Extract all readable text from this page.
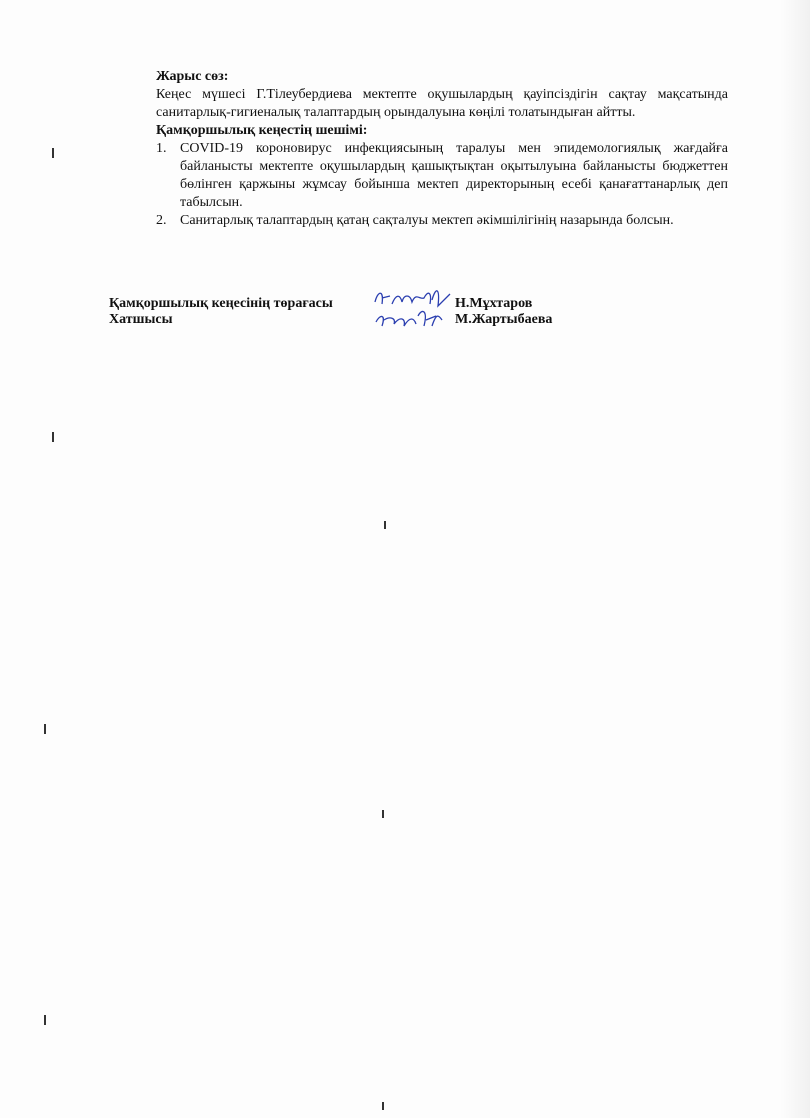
Жарыс сөз:
Кеңес мүшесі Г.Тілеубердиева мектепте оқушылардың қауіпсіздігін сақтау мақсатында санитарлық-гигиеналық талаптардың орындалуына көңілі толатындыған айтты.
Қамқоршылық кеңестің шешімі:
1. COVID-19 короновирус инфекциясының таралуы мен эпидемологиялық жағдайға байланысты мектепте оқушылардың қашықтықтан оқытылуына байланысты бюджеттен бөлінген қаржыны жұмсау бойынша мектеп директорының есебі қанағаттанарлық деп табылсын.
2. Санитарлық талаптардың қатаң сақталуы мектеп әкімшілігінің назарында болсын.
Қамқоршылық кеңесінің төрағасы
Хатшысы
Н.Мұхтаров
М.Жартыбаева
